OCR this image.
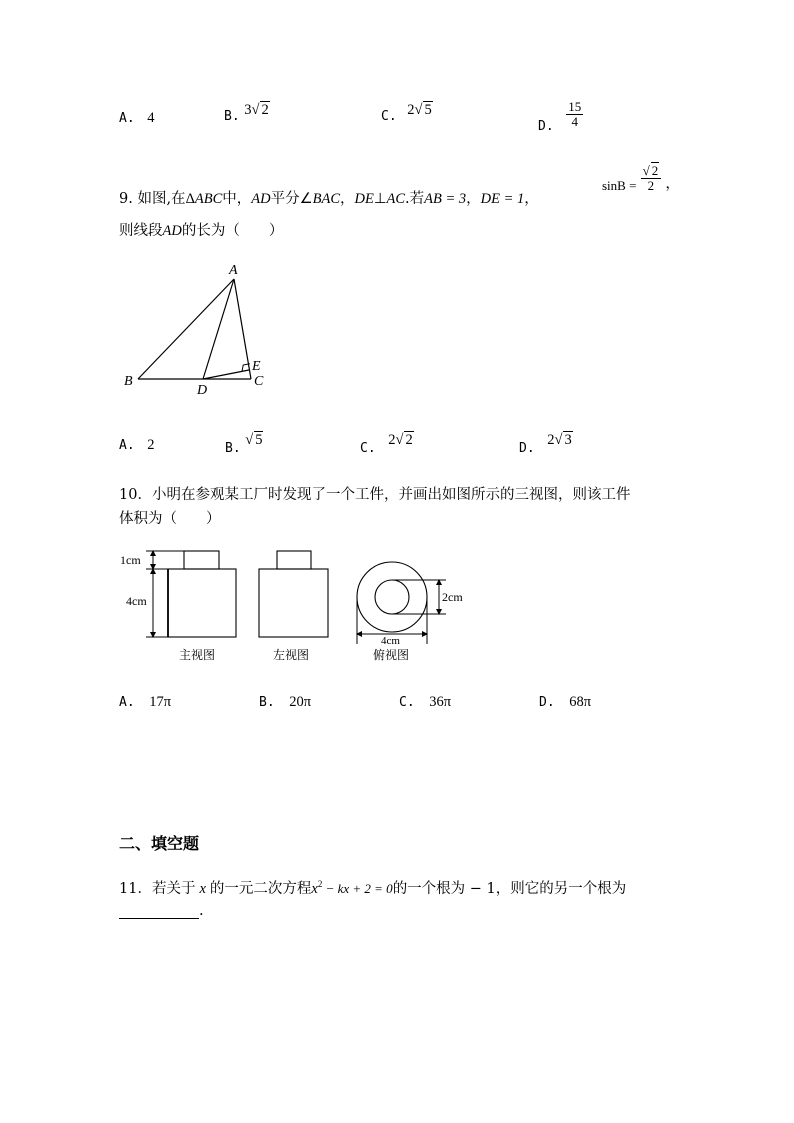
A. 4	B. 3√ 2	C. 2√ 5
D. $\frac{15}{4}$
9. 如图,在ΔABC中，AD平分∠BAC，DE⊥AC.若AB = 3，DE = 1，
$\sin B = \frac{√ 2}{2}$ ，
则线段AD的长为（　　）
A
B	C
D
E
A. 2	B. √ 5
C. 2√ 2
D. 2√ 3
10．小明在参观某工厂时发现了一个工件，并画出如图所示的三视图，则该工件
体积为（　　）
1cm
4cm
主视图	左视图
2cm
4cm
俯视图
A. 17π	B. 20π	C. 36π	D. 68π
二、填空题
11．若关于 x 的一元二次方程$x^2$ − kx + 2 = 0的一个根为 − 1，则它的另一个根为
.
